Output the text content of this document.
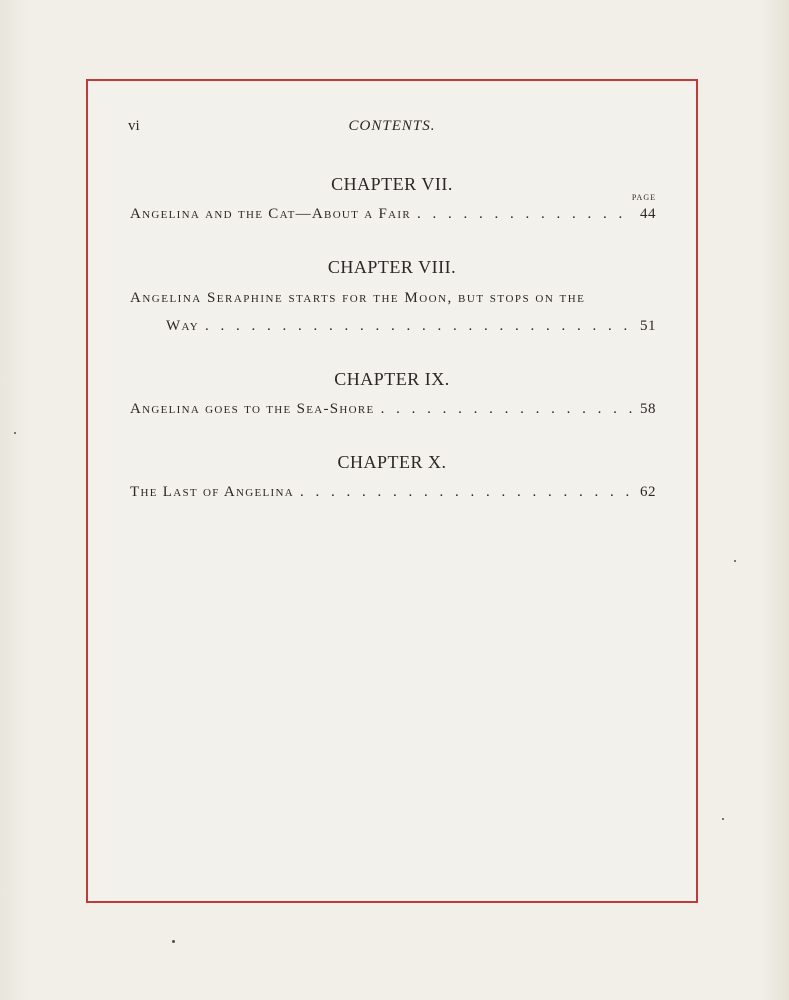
vi	CONTENTS.
CHAPTER VII.
PAGE
Angelina and the Cat—About a Fair . . .	44
CHAPTER VIII.
Angelina Seraphine starts for the Moon, but stops on the
Way . . .	51
CHAPTER IX.
Angelina goes to the Sea-Shore . . .	58
CHAPTER X.
The Last of Angelina . . .	62
